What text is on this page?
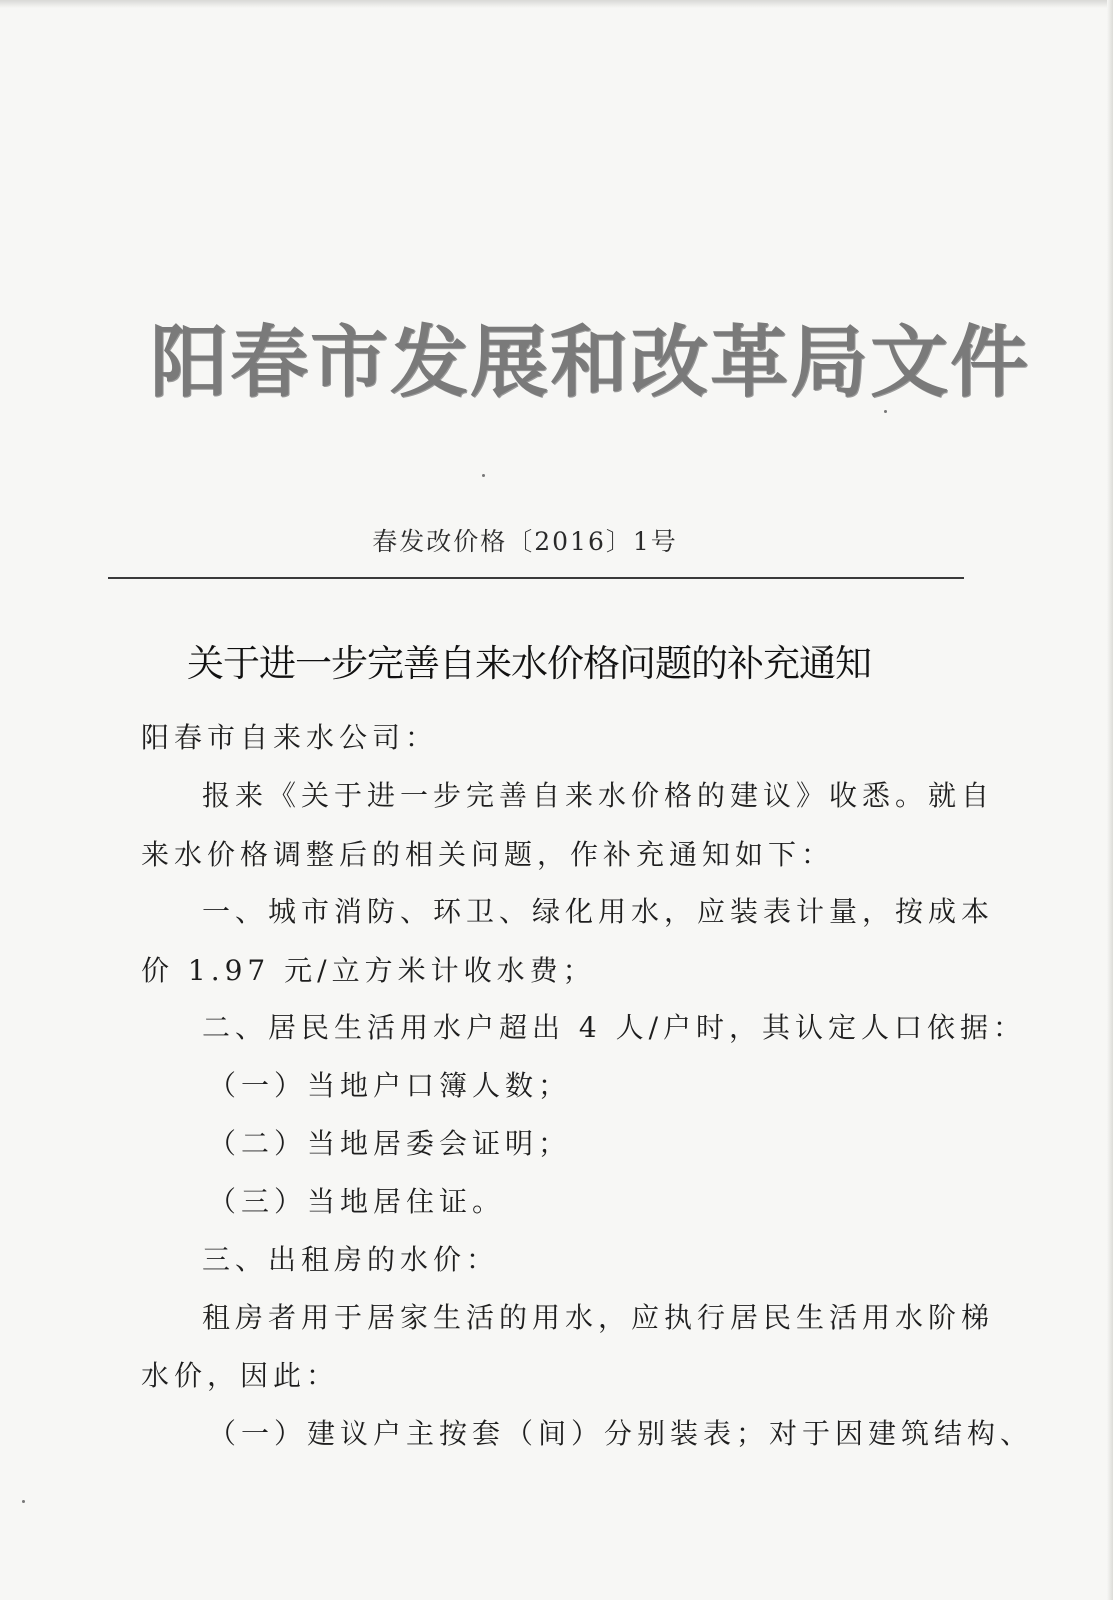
阳春市发展和改革局文件
春发改价格〔2016〕1号
关于进一步完善自来水价格问题的补充通知
阳春市自来水公司：
报来《关于进一步完善自来水价格的建议》收悉。就自
来水价格调整后的相关问题，作补充通知如下：
一、城市消防、环卫、绿化用水，应装表计量，按成本
价 1.97 元/立方米计收水费；
二、居民生活用水户超出 4 人/户时，其认定人口依据：
（一）当地户口簿人数；
（二）当地居委会证明；
（三）当地居住证。
三、出租房的水价：
租房者用于居家生活的用水，应执行居民生活用水阶梯
水价，因此：
（一）建议户主按套（间）分别装表；对于因建筑结构、
